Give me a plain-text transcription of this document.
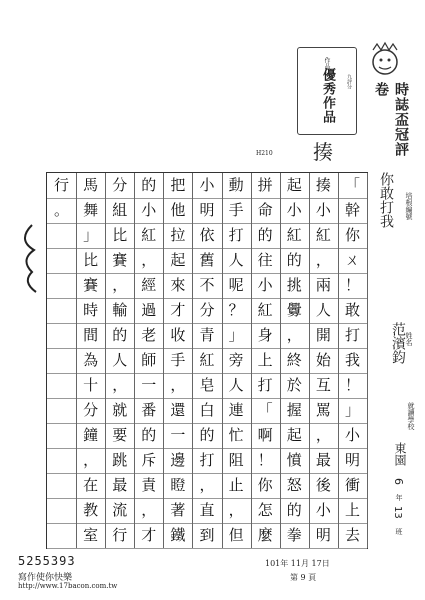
作品
優秀作品	九評分
時誌盃冠評卷
揍
H210
「
幹
你
ㄨ
！
敢
打
我
！
」
小
明
衝
上
去
揍
小
紅
，
兩
人
開
始
互
罵
，
最
後
小
明
起
小
紅
的
挑
釁
，
終
於
握
起
憤
怒
的
拳
拼
命
的
往
小
紅
身
上
打
「
啊
！
你
怎
麼
動
手
打
人
呢
？
」
旁
人
連
忙
阻
止
，
但
小
明
依
舊
不
分
青
紅
皂
白
的
打
，
直
到
把
他
拉
起
來
才
收
手
，
還
一
邊
瞪
著
鐵
的
小
紅
，
經
過
老
師
一
番
的
斥
責
，
才
分
組
比
賽
，
輸
的
人
，
就
要
跳
最
流
行
馬
舞
」
比
賽
時
間
為
十
分
鐘
，
在
教
室
行
。	培根編號
你敢打我
姓名
范濱鈞
就讀學校
東園
6
年
13
班
5255393
寫作使你快樂
http://www.17bacon.com.tw
101年 11月 17日
第 9 頁
